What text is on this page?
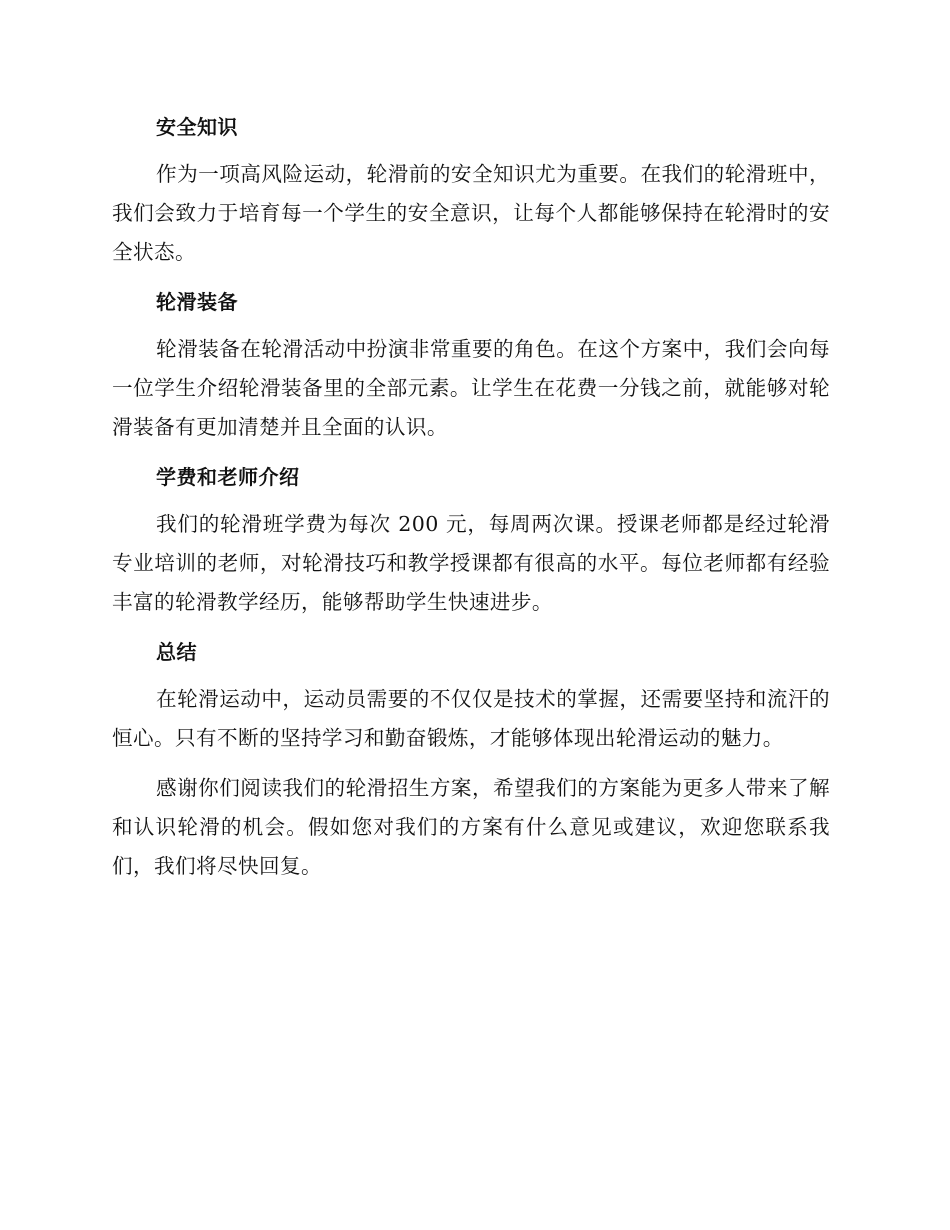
安全知识

作为一项高风险运动，轮滑前的安全知识尤为重要。在我们的轮滑班中，我们会致力于培育每一个学生的安全意识，让每个人都能够保持在轮滑时的安全状态。

轮滑装备

轮滑装备在轮滑活动中扮演非常重要的角色。在这个方案中，我们会向每一位学生介绍轮滑装备里的全部元素。让学生在花费一分钱之前，就能够对轮滑装备有更加清楚并且全面的认识。

学费和老师介绍

我们的轮滑班学费为每次 200 元，每周两次课。授课老师都是经过轮滑专业培训的老师，对轮滑技巧和教学授课都有很高的水平。每位老师都有经验丰富的轮滑教学经历，能够帮助学生快速进步。

总结

在轮滑运动中，运动员需要的不仅仅是技术的掌握，还需要坚持和流汗的恒心。只有不断的坚持学习和勤奋锻炼，才能够体现出轮滑运动的魅力。

感谢你们阅读我们的轮滑招生方案，希望我们的方案能为更多人带来了解和认识轮滑的机会。假如您对我们的方案有什么意见或建议，欢迎您联系我们，我们将尽快回复。
